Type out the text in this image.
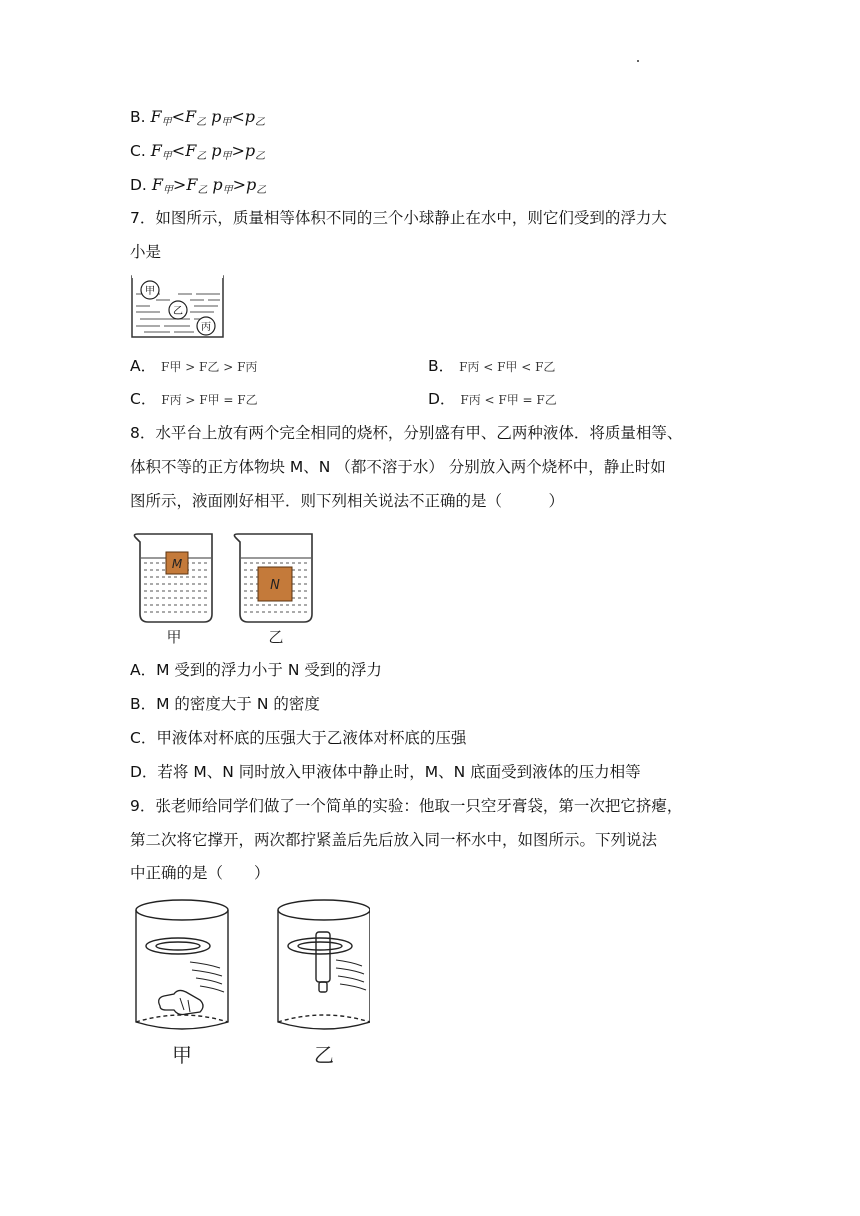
B. $F_甲<F_乙$ $p_甲<p_乙$
C. $F_甲<F_乙$ $p_甲>p_乙$
D. $F_甲>F_乙$ $p_甲>p_乙$
7．如图所示，质量相等体积不同的三个小球静止在水中，则它们受到的浮力大
小是
甲
乙
丙
A． F甲 > F乙 > F丙	B． F丙 < F甲 < F乙
C． F丙 > F甲 = F乙	D． F丙 < F甲 = F乙
8．水平台上放有两个完全相同的烧杯，分别盛有甲、乙两种液体．将质量相等、
体积不等的正方体物块 M、N （都不溶于水） 分别放入两个烧杯中，静止时如
图所示，液面刚好相平．则下列相关说法不正确的是（　　　）
M
甲
N
乙
A．M 受到的浮力小于 N 受到的浮力
B．M 的密度大于 N 的密度
C．甲液体对杯底的压强大于乙液体对杯底的压强
D．若将 M、N 同时放入甲液体中静止时，M、N 底面受到液体的压力相等
9．张老师给同学们做了一个简单的实验：他取一只空牙膏袋，第一次把它挤瘪，
第二次将它撑开，两次都拧紧盖后先后放入同一杯水中，如图所示。下列说法
中正确的是（　　）
甲	乙
